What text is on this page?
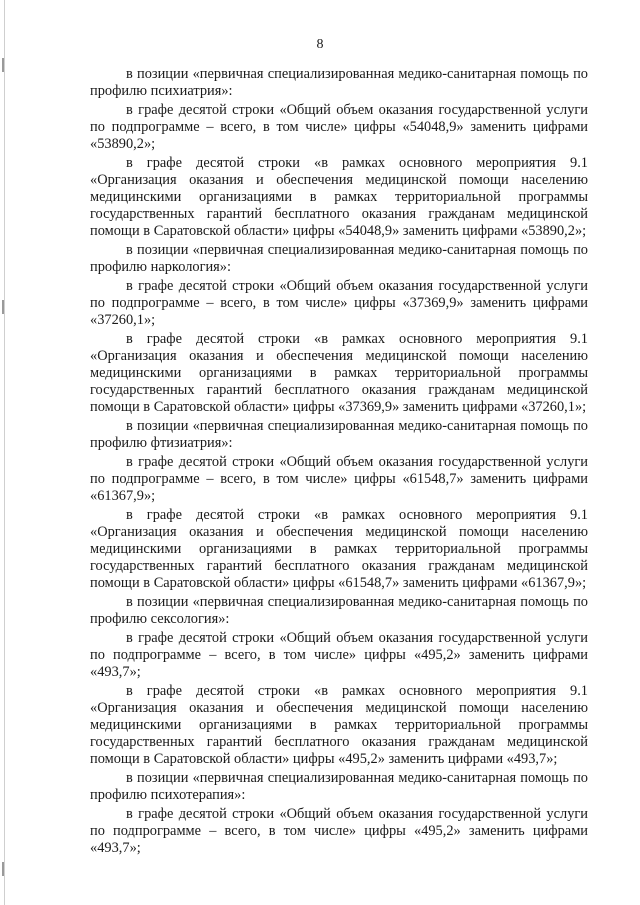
8

в позиции «первичная специализированная медико-санитарная помощь по профилю психиатрия»:

в графе десятой строки «Общий объем оказания государственной услуги по подпрограмме – всего, в том числе» цифры «54048,9» заменить цифрами «53890,2»;

в графе десятой строки «в рамках основного мероприятия 9.1 «Организация оказания и обеспечения медицинской помощи населению медицинскими организациями в рамках территориальной программы государственных гарантий бесплатного оказания гражданам медицинской помощи в Саратовской области» цифры «54048,9» заменить цифрами «53890,2»;

в позиции «первичная специализированная медико-санитарная помощь по профилю наркология»:

в графе десятой строки «Общий объем оказания государственной услуги по подпрограмме – всего, в том числе» цифры «37369,9» заменить цифрами «37260,1»;

в графе десятой строки «в рамках основного мероприятия 9.1 «Организация оказания и обеспечения медицинской помощи населению медицинскими организациями в рамках территориальной программы государственных гарантий бесплатного оказания гражданам медицинской помощи в Саратовской области» цифры «37369,9» заменить цифрами «37260,1»;

в позиции «первичная специализированная медико-санитарная помощь по профилю фтизиатрия»:

в графе десятой строки «Общий объем оказания государственной услуги по подпрограмме – всего, в том числе» цифры «61548,7» заменить цифрами «61367,9»;

в графе десятой строки «в рамках основного мероприятия 9.1 «Организация оказания и обеспечения медицинской помощи населению медицинскими организациями в рамках территориальной программы государственных гарантий бесплатного оказания гражданам медицинской помощи в Саратовской области» цифры «61548,7» заменить цифрами «61367,9»;

в позиции «первичная специализированная медико-санитарная помощь по профилю сексология»:

в графе десятой строки «Общий объем оказания государственной услуги по подпрограмме – всего, в том числе» цифры «495,2» заменить цифрами «493,7»;

в графе десятой строки «в рамках основного мероприятия 9.1 «Организация оказания и обеспечения медицинской помощи населению медицинскими организациями в рамках территориальной программы государственных гарантий бесплатного оказания гражданам медицинской помощи в Саратовской области» цифры «495,2» заменить цифрами «493,7»;

в позиции «первичная специализированная медико-санитарная помощь по профилю психотерапия»:

в графе десятой строки «Общий объем оказания государственной услуги по подпрограмме – всего, в том числе» цифры «495,2» заменить цифрами «493,7»;
